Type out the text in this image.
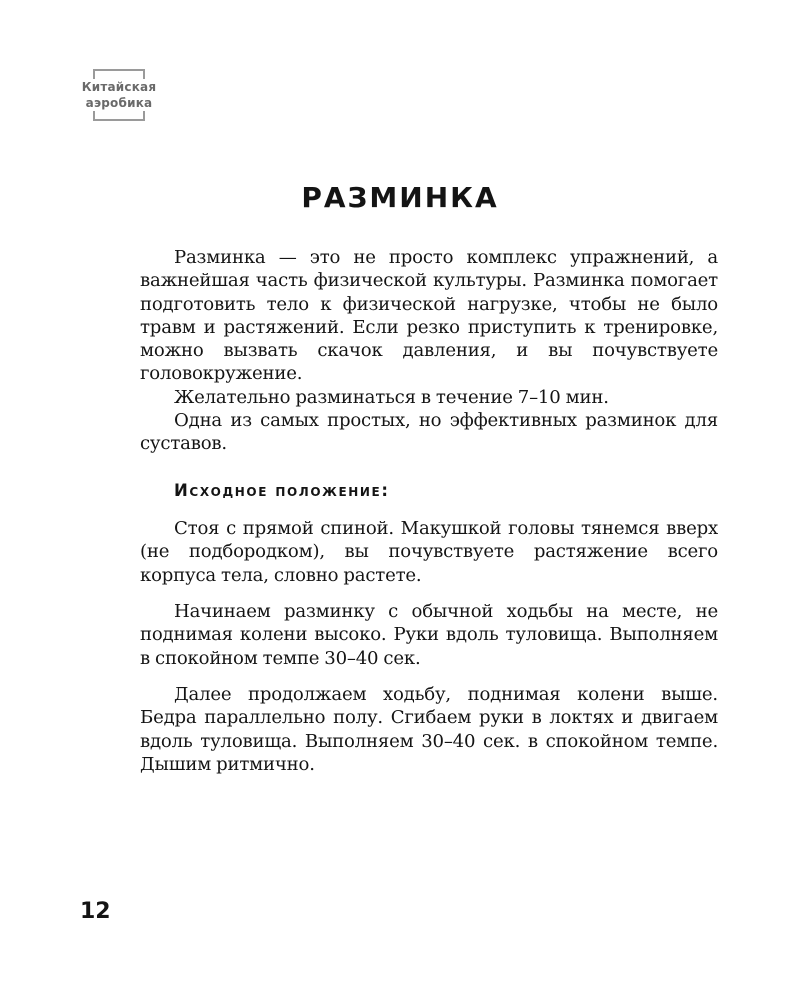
Китайская
аэробика
РАЗМИНКА

Разминка — это не просто комплекс упражнений, а важнейшая часть физической культуры. Разминка помогает подготовить тело к физической нагрузке, чтобы не было травм и растяжений. Если резко приступить к тренировке, можно вызвать скачок давления, и вы почувствуете головокружение.

Желательно разминаться в течение 7–10 мин.

Одна из самых простых, но эффективных разминок для суставов.

Исходное положение:

Стоя с прямой спиной. Макушкой головы тянемся вверх (не подбородком), вы почувствуете растяжение всего корпуса тела, словно растете.

Начинаем разминку с обычной ходьбы на месте, не поднимая колени высоко. Руки вдоль туловища. Выполняем в спокойном темпе 30–40 сек.

Далее продолжаем ходьбу, поднимая колени выше. Бедра параллельно полу. Сгибаем руки в локтях и двигаем вдоль туловища. Выполняем 30–40 сек. в спокойном темпе. Дышим ритмично.

12
